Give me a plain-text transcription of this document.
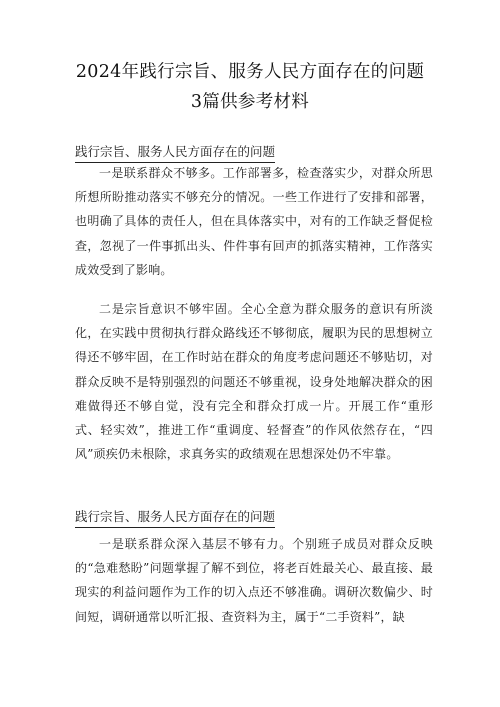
2024年践行宗旨、服务人民方面存在的问题
3篇供参考材料
践行宗旨、服务人民方面存在的问题

一是联系群众不够多。工作部署多，检查落实少，对群众所思所想所盼推动落实不够充分的情况。一些工作进行了安排和部署，也明确了具体的责任人，但在具体落实中，对有的工作缺乏督促检查，忽视了一件事抓出头、件件事有回声的抓落实精神，工作落实成效受到了影响。

二是宗旨意识不够牢固。全心全意为群众服务的意识有所淡化，在实践中贯彻执行群众路线还不够彻底，履职为民的思想树立得还不够牢固，在工作时站在群众的角度考虑问题还不够贴切，对群众反映不是特别强烈的问题还不够重视，设身处地解决群众的困难做得还不够自觉，没有完全和群众打成一片。开展工作“重形式、轻实效”，推进工作“重调度、轻督查”的作风依然存在，“四风”顽疾仍未根除，求真务实的政绩观在思想深处仍不牢靠。

践行宗旨、服务人民方面存在的问题

一是联系群众深入基层不够有力。个别班子成员对群众反映的“急难愁盼”问题掌握了解不到位，将老百姓最关心、最直接、最现实的利益问题作为工作的切入点还不够准确。调研次数偏少、时间短，调研通常以听汇报、查资料为主，属于“二手资料”，缺
